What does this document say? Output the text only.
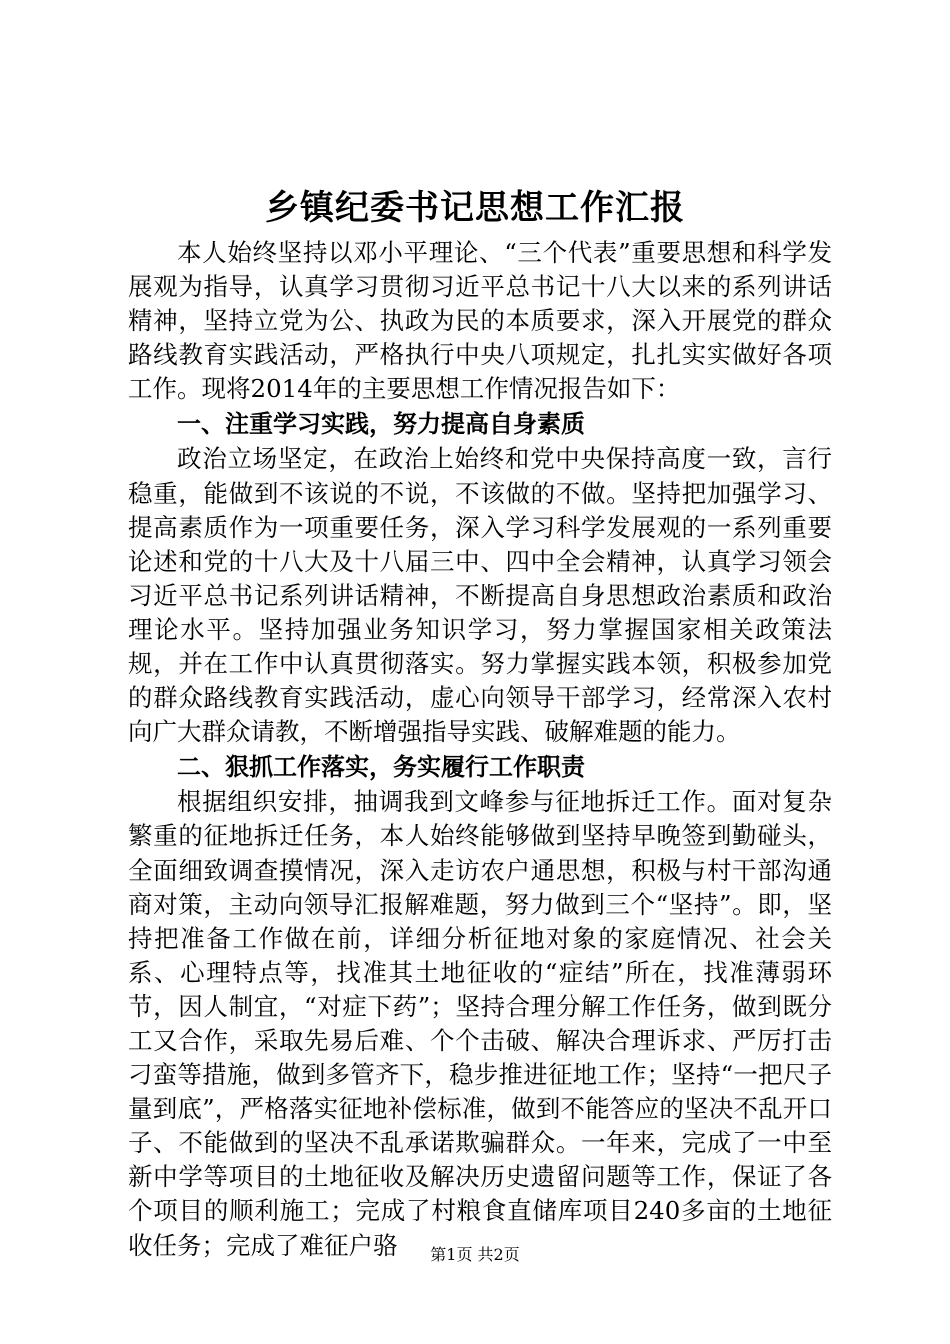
乡镇纪委书记思想工作汇报

本人始终坚持以邓小平理论、“三个代表”重要思想和科学发展观为指导，认真学习贯彻习近平总书记十八大以来的系列讲话精神，坚持立党为公、执政为民的本质要求，深入开展党的群众路线教育实践活动，严格执行中央八项规定，扎扎实实做好各项工作。现将2014年的主要思想工作情况报告如下：

一、注重学习实践，努力提高自身素质

政治立场坚定，在政治上始终和党中央保持高度一致，言行稳重，能做到不该说的不说，不该做的不做。坚持把加强学习、提高素质作为一项重要任务，深入学习科学发展观的一系列重要论述和党的十八大及十八届三中、四中全会精神，认真学习领会习近平总书记系列讲话精神，不断提高自身思想政治素质和政治理论水平。坚持加强业务知识学习，努力掌握国家相关政策法规，并在工作中认真贯彻落实。努力掌握实践本领，积极参加党的群众路线教育实践活动，虚心向领导干部学习，经常深入农村向广大群众请教，不断增强指导实践、破解难题的能力。

二、狠抓工作落实，务实履行工作职责

根据组织安排，抽调我到文峰参与征地拆迁工作。面对复杂繁重的征地拆迁任务，本人始终能够做到坚持早晚签到勤碰头，全面细致调查摸情况，深入走访农户通思想，积极与村干部沟通商对策，主动向领导汇报解难题，努力做到三个“坚持”。即，坚持把准备工作做在前，详细分析征地对象的家庭情况、社会关系、心理特点等，找准其土地征收的“症结”所在，找准薄弱环节，因人制宜，“对症下药”；坚持合理分解工作任务，做到既分工又合作，采取先易后难、个个击破、解决合理诉求、严厉打击刁蛮等措施，做到多管齐下，稳步推进征地工作；坚持“一把尺子量到底”，严格落实征地补偿标准，做到不能答应的坚决不乱开口子、不能做到的坚决不乱承诺欺骗群众。一年来，完成了一中至新中学等项目的土地征收及解决历史遗留问题等工作，保证了各个项目的顺利施工；完成了村粮食直储库项目240多亩的土地征收任务；完成了难征户骆	第1页 共2页
